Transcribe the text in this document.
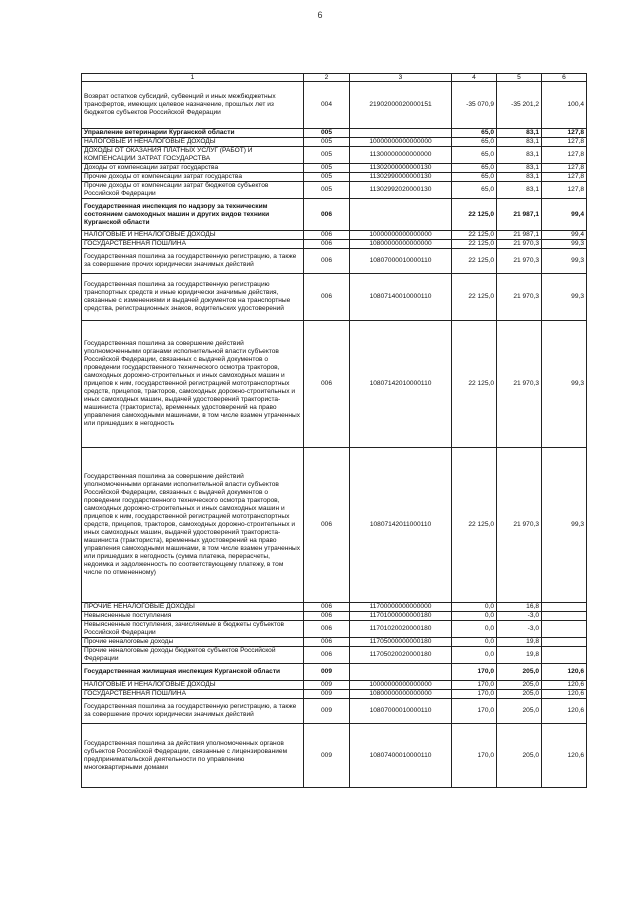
6
1	2	3	4	5	6
Возврат остатков субсидий, субвенций и иных межбюджетных трансфертов, имеющих целевое назначение, прошлых лет из бюджетов субъектов Российской Федерации	004	21902000020000151	-35 070,9	-35 201,2	100,4
Управление ветеринарии Курганской области	005		65,0	83,1	127,8
НАЛОГОВЫЕ И НЕНАЛОГОВЫЕ ДОХОДЫ	005	10000000000000000	65,0	83,1	127,8
ДОХОДЫ ОТ ОКАЗАНИЯ ПЛАТНЫХ УСЛУГ (РАБОТ) И КОМПЕНСАЦИИ ЗАТРАТ ГОСУДАРСТВА	005	11300000000000000	65,0	83,1	127,8
Доходы от компенсации затрат государства	005	11302000000000130	65,0	83,1	127,8
Прочие доходы от компенсации затрат государства	005	11302990000000130	65,0	83,1	127,8
Прочие доходы от компенсации затрат бюджетов субъектов Российской Федерации	005	11302992020000130	65,0	83,1	127,8
Государственная инспекция по надзору за техническим состоянием самоходных машин и других видов техники Курганской области	006		22 125,0	21 987,1	99,4
НАЛОГОВЫЕ И НЕНАЛОГОВЫЕ ДОХОДЫ	006	10000000000000000	22 125,0	21 987,1	99,4
ГОСУДАРСТВЕННАЯ ПОШЛИНА	006	10800000000000000	22 125,0	21 970,3	99,3
Государственная пошлина за государственную регистрацию, а также за совершение прочих юридически значимых действий	006	10807000010000110	22 125,0	21 970,3	99,3
Государственная пошлина за государственную регистрацию транспортных средств и иные юридически значимые действия, связанные с изменениями и выдачей документов на транспортные средства, регистрационных знаков, водительских удостоверений	006	10807140010000110	22 125,0	21 970,3	99,3
Государственная пошлина за совершение действий уполномоченными органами исполнительной власти субъектов Российской Федерации, связанных с выдачей документов о проведении государственного технического осмотра тракторов, самоходных дорожно-строительных и иных самоходных машин и прицепов к ним, государственной регистрацией мототранспортных средств, прицепов, тракторов, самоходных дорожно-строительных и иных самоходных машин, выдачей удостоверений тракториста-машиниста (тракториста), временных удостоверений на право управления самоходными машинами, в том числе взамен утраченных или пришедших в негодность	006	10807142010000110	22 125,0	21 970,3	99,3
Государственная пошлина за совершение действий уполномоченными органами исполнительной власти субъектов Российской Федерации, связанных с выдачей документов о проведении государственного технического осмотра тракторов, самоходных дорожно-строительных и иных самоходных машин и прицепов к ним, государственной регистрацией мототранспортных средств, прицепов, тракторов, самоходных дорожно-строительных и иных самоходных машин, выдачей удостоверений тракториста-машиниста (тракториста), временных удостоверений на право управления самоходными машинами, в том числе взамен утраченных или пришедших в негодность (сумма платежа, перерасчеты, недоимка и задолженность по соответствующему платежу, в том числе по отмененному)	006	10807142011000110	22 125,0	21 970,3	99,3
ПРОЧИЕ НЕНАЛОГОВЫЕ ДОХОДЫ	006	11700000000000000	0,0	16,8	
Невыясненные поступления	006	11701000000000180	0,0	-3,0	
Невыясненные поступления, зачисляемые в бюджеты субъектов Российской Федерации	006	11701020020000180	0,0	-3,0	
Прочие неналоговые доходы	006	11705000000000180	0,0	19,8	
Прочие неналоговые доходы бюджетов субъектов Российской Федерации	006	11705020020000180	0,0	19,8	
Государственная жилищная инспекция Курганской области	009		170,0	205,0	120,6
НАЛОГОВЫЕ И НЕНАЛОГОВЫЕ ДОХОДЫ	009	10000000000000000	170,0	205,0	120,6
ГОСУДАРСТВЕННАЯ ПОШЛИНА	009	10800000000000000	170,0	205,0	120,6
Государственная пошлина за государственную регистрацию, а также за совершение прочих юридически значимых действий	009	10807000010000110	170,0	205,0	120,6
Государственная пошлина за действия уполномоченных органов субъектов Российской Федерации, связанные с лицензированием предпринимательской деятельности по управлению многоквартирными домами	009	10807400010000110	170,0	205,0	120,6
